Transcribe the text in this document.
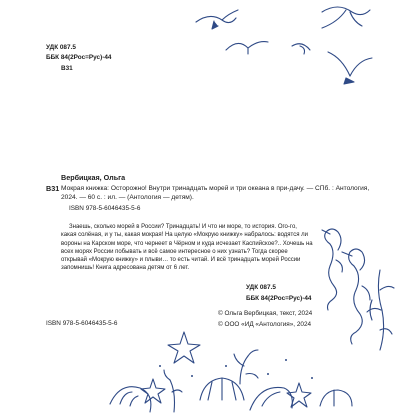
УДК 087.5
ББК 84(2Рос=Рус)-44
В31
Вербицкая, Ольга
В31 Мокрая книжка: Осторожно! Внутри тринадцать морей и три океана в при-дачу. — СПб. : Антология, 2024. — 60 с. : ил. — (Антология — детям).
ISBN 978-5-6046435-5-6
Знаешь, сколько морей в России? Тринадцать! И что ни море, то история. Ого-го, какая солёная, и у ты, какая мокрая! На целую «Мокрую книжку» набралось: водятся ли вороны на Карском море, что чернеет в Чёрном и куда исчезает Каспийское?.. Хочешь на всех морях России побывать и всё самое интересное о них узнать? Тогда скорее открывай «Мокрую книжку» и плыви… то есть читай. И всё тринадцать морей России запомнишь! Книга адресована детям от 6 лет.
УДК 087.5
ББК 84(2Рос=Рус)-44
ISBN 978-5-6046435-5-6
© Ольга Вербицкая, текст, 2024
© ООО «ИД «Антология», 2024
